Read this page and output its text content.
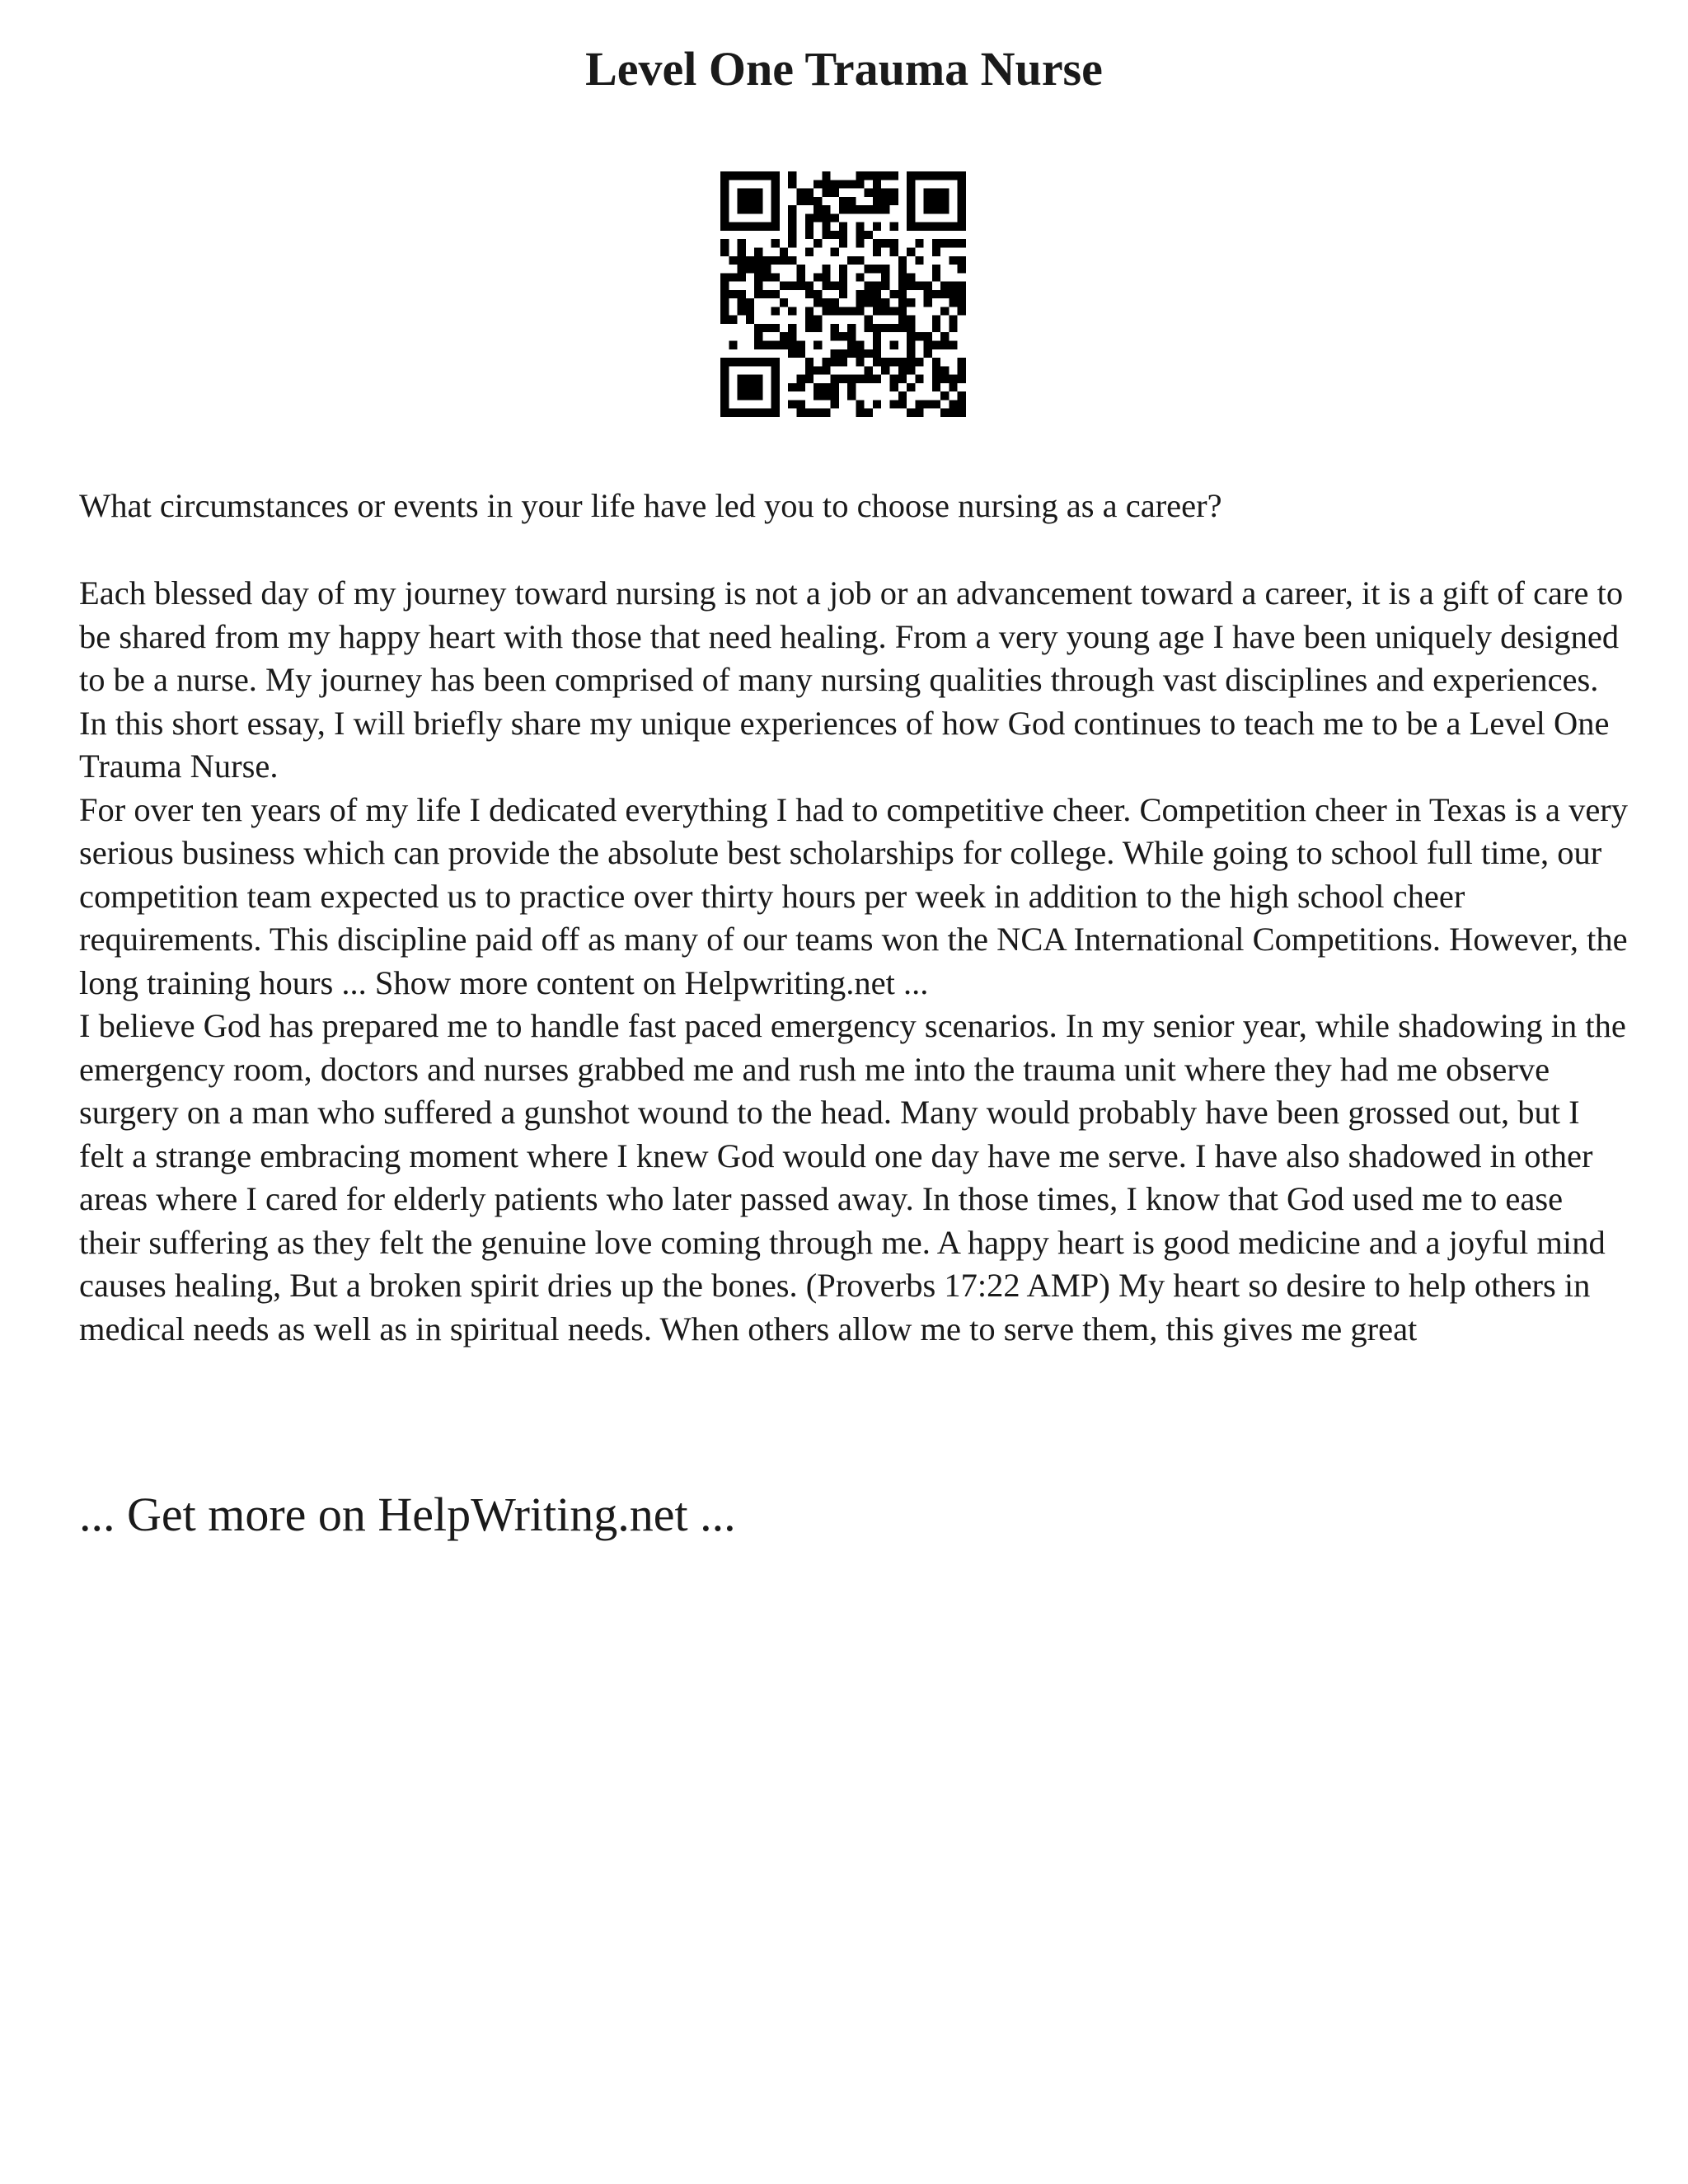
Level One Trauma Nurse
What circumstances or events in your life have led you to choose nursing as a career?

Each blessed day of my journey toward nursing is not a job or an advancement toward a career, it is a gift of care to be shared from my happy heart with those that need healing. From a very young age I have been uniquely designed to be a nurse. My journey has been comprised of many nursing qualities through vast disciplines and experiences. In this short essay, I will briefly share my unique experiences of how God continues to teach me to be a Level One Trauma Nurse.

For over ten years of my life I dedicated everything I had to competitive cheer. Competition cheer in Texas is a very serious business which can provide the absolute best scholarships for college. While going to school full time, our competition team expected us to practice over thirty hours per week in addition to the high school cheer requirements. This discipline paid off as many of our teams won the NCA International Competitions. However, the long training hours ... Show more content on Helpwriting.net ...

I believe God has prepared me to handle fast paced emergency scenarios. In my senior year, while shadowing in the emergency room, doctors and nurses grabbed me and rush me into the trauma unit where they had me observe surgery on a man who suffered a gunshot wound to the head. Many would probably have been grossed out, but I felt a strange embracing moment where I knew God would one day have me serve. I have also shadowed in other areas where I cared for elderly patients who later passed away. In those times, I know that God used me to ease their suffering as they felt the genuine love coming through me. A happy heart is good medicine and a joyful mind causes healing, But a broken spirit dries up the bones. (Proverbs 17:22 AMP) My heart so desire to help others in medical needs as well as in spiritual needs. When others allow me to serve them, this gives me great

... Get more on HelpWriting.net ...
